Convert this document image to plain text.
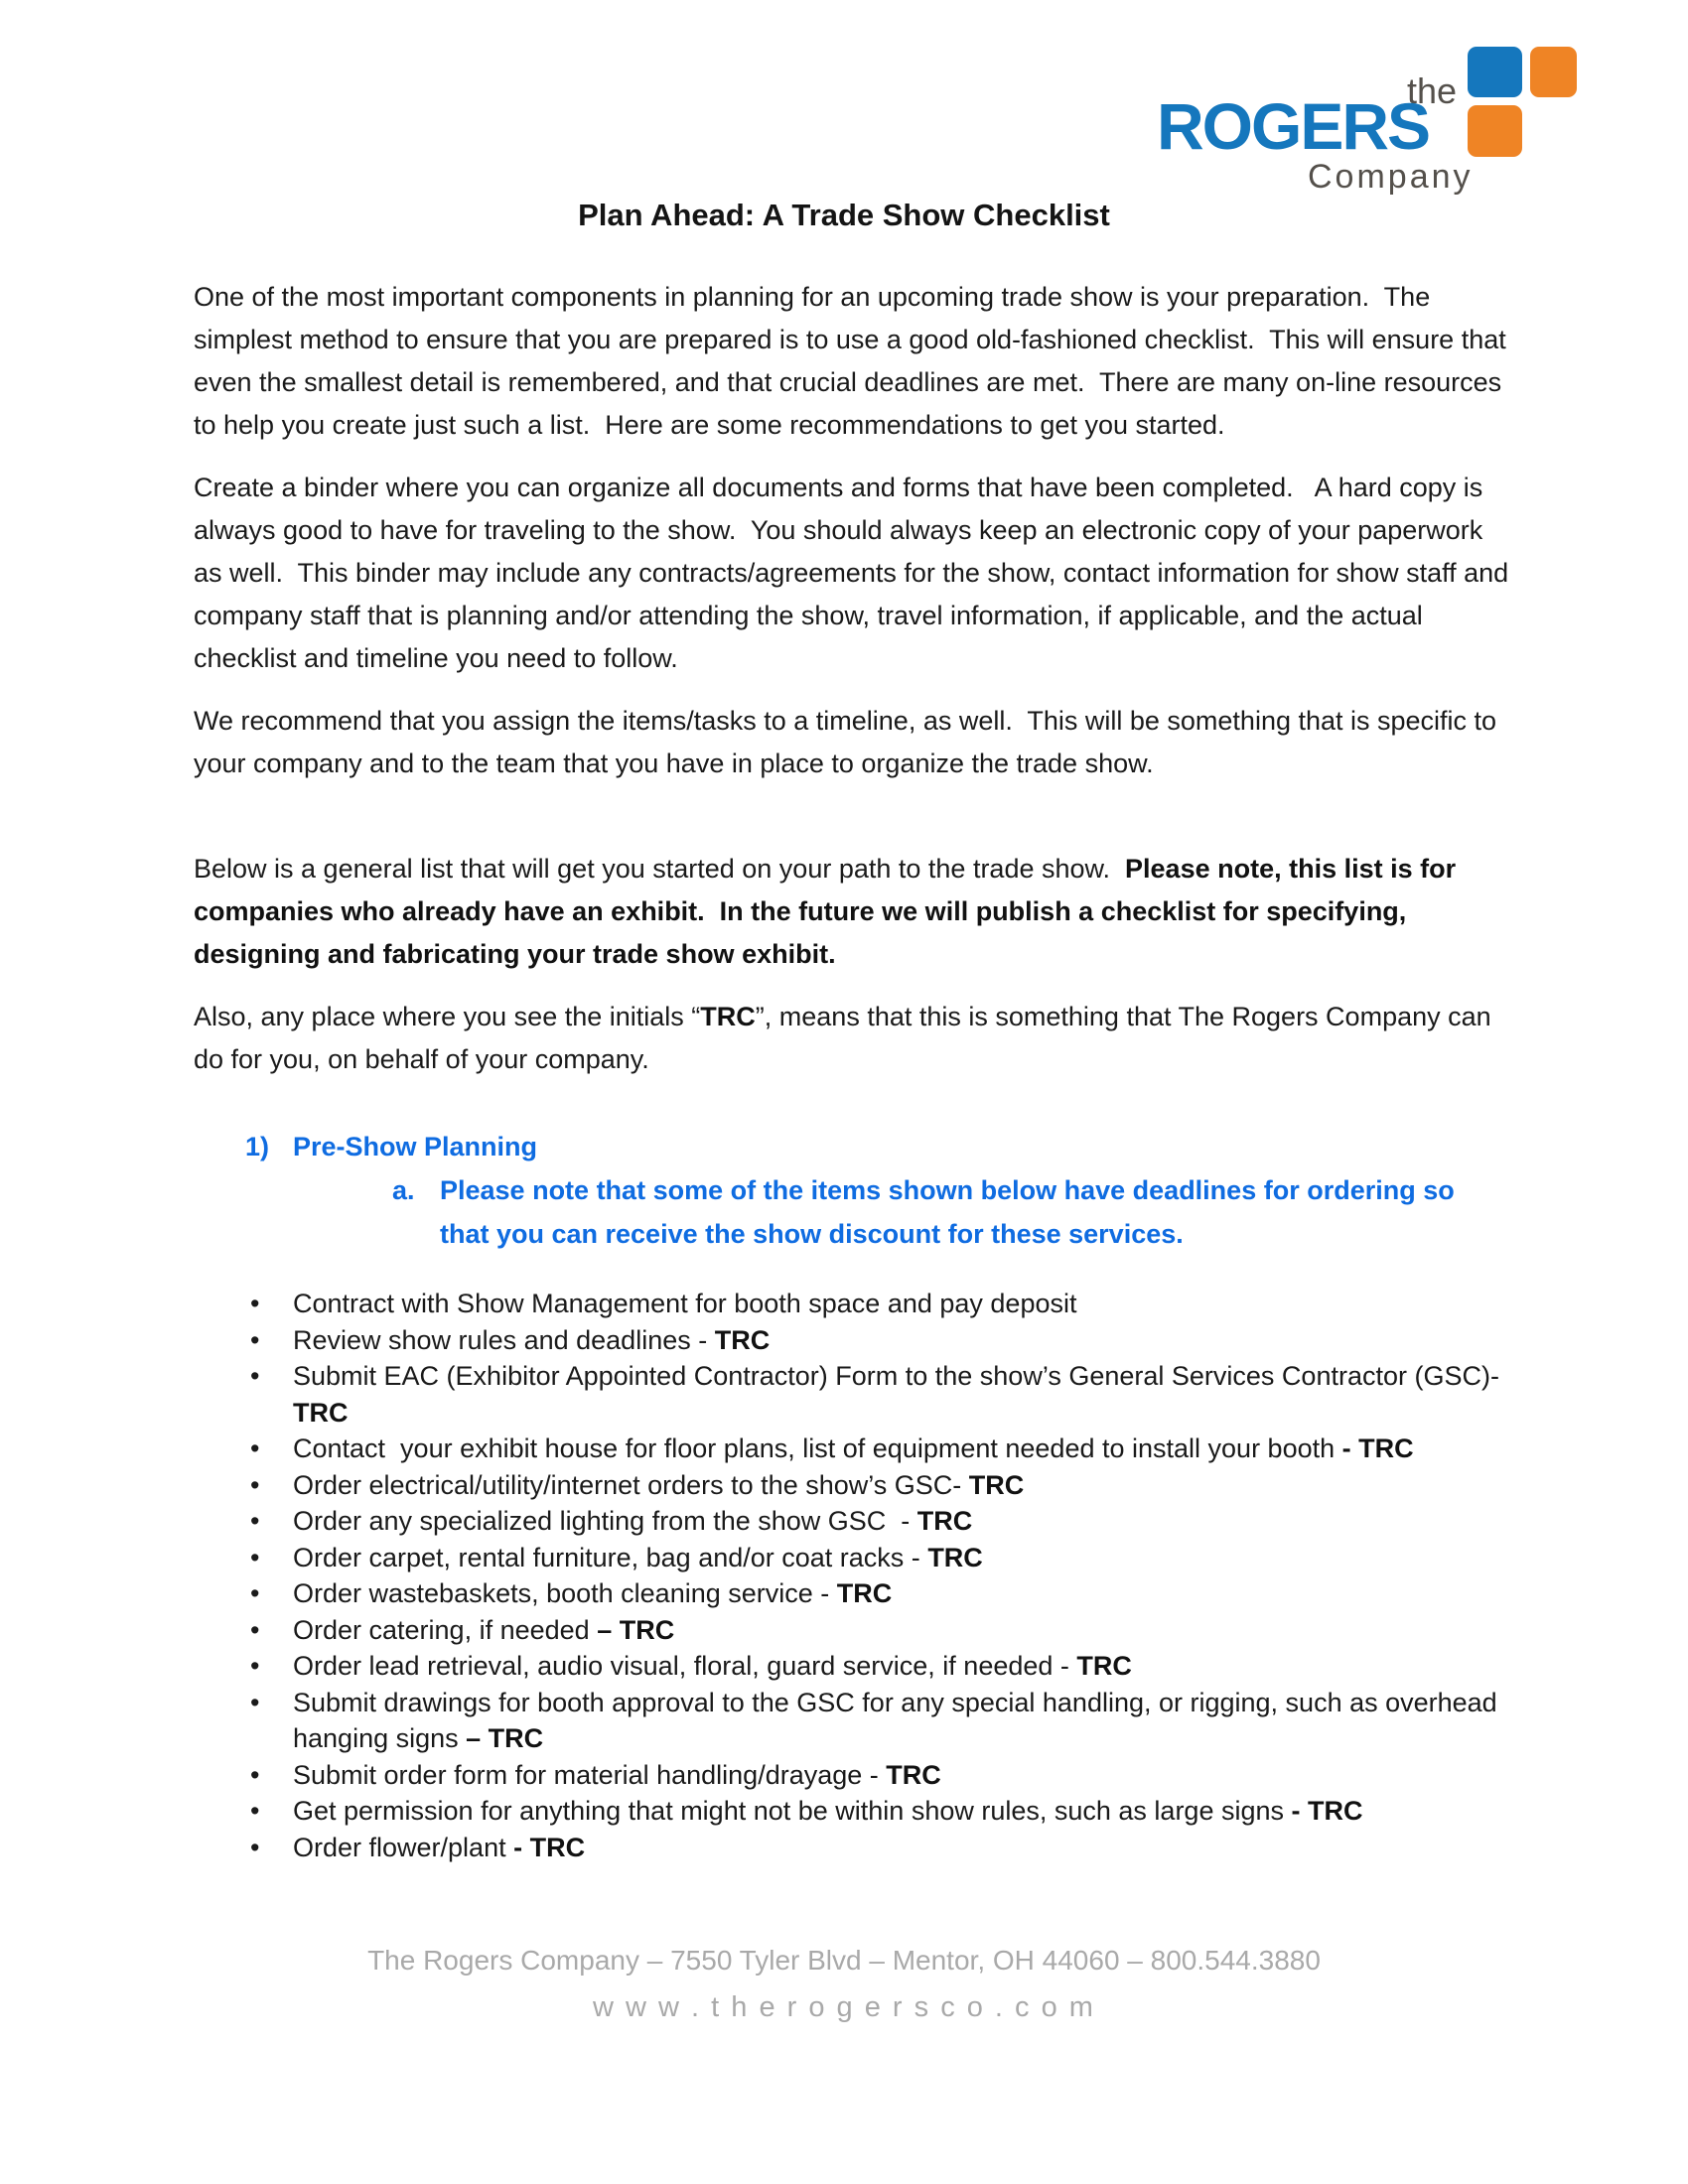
the
ROGERS
Company
Plan Ahead: A Trade Show Checklist

One of the most important components in planning for an upcoming trade show is your preparation.  The simplest method to ensure that you are prepared is to use a good old-fashioned checklist.  This will ensure that even the smallest detail is remembered, and that crucial deadlines are met.  There are many on-line resources to help you create just such a list.  Here are some recommendations to get you started.

Create a binder where you can organize all documents and forms that have been completed.   A hard copy is always good to have for traveling to the show.  You should always keep an electronic copy of your paperwork as well.  This binder may include any contracts/agreements for the show, contact information for show staff and company staff that is planning and/or attending the show, travel information, if applicable, and the actual checklist and timeline you need to follow.

We recommend that you assign the items/tasks to a timeline, as well.  This will be something that is specific to your company and to the team that you have in place to organize the trade show.

Below is a general list that will get you started on your path to the trade show.  Please note, this list is for companies who already have an exhibit.  In the future we will publish a checklist for specifying, designing and fabricating your trade show exhibit.

Also, any place where you see the initials “TRC”, means that this is something that The Rogers Company can do for you, on behalf of your company.

1) Pre-Show Planning
a. Please note that some of the items shown below have deadlines for ordering so that you can receive the show discount for these services.
• Contract with Show Management for booth space and pay deposit
• Review show rules and deadlines - TRC
• Submit EAC (Exhibitor Appointed Contractor) Form to the show’s General Services Contractor (GSC)-  TRC
• Contact  your exhibit house for floor plans, list of equipment needed to install your booth - TRC
• Order electrical/utility/internet orders to the show’s GSC- TRC
• Order any specialized lighting from the show GSC  - TRC
• Order carpet, rental furniture, bag and/or coat racks - TRC
• Order wastebaskets, booth cleaning service - TRC
• Order catering, if needed – TRC
• Order lead retrieval, audio visual, floral, guard service, if needed - TRC
• Submit drawings for booth approval to the GSC for any special handling, or rigging, such as overhead hanging signs – TRC
• Submit order form for material handling/drayage - TRC
• Get permission for anything that might not be within show rules, such as large signs - TRC
• Order flower/plant - TRC
The Rogers Company – 7550 Tyler Blvd – Mentor, OH 44060 – 800.544.3880
w w w . t h e r o g e r s c o . c o m
